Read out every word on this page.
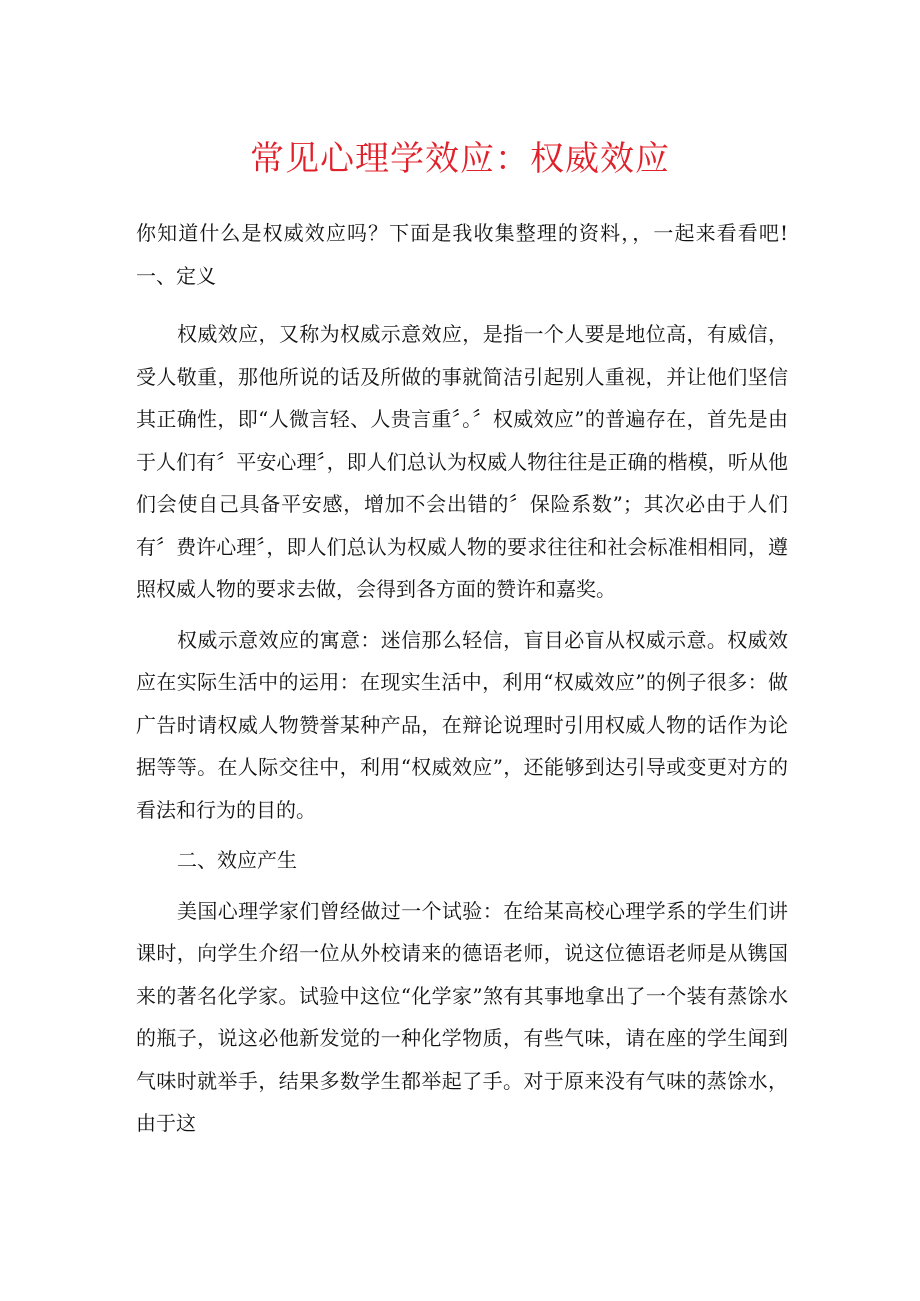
常见心理学效应：权威效应

你知道什么是权威效应吗？下面是我收集整理的资料，，一起来看看吧!一、定义

权威效应，又称为权威示意效应，是指一个人要是地位高，有威信，受人敬重，那他所说的话及所做的事就简洁引起别人重视，并让他们坚信其正确性，即“人微言轻、人贵言重〞。〞权威效应”的普遍存在，首先是由于人们有〞平安心理〞，即人们总认为权威人物往往是正确的楷模，听从他们会使自己具备平安感，增加不会出错的〞保险系数”；其次必由于人们有〞费许心理〞，即人们总认为权威人物的要求往往和社会标准相相同，遵照权威人物的要求去做，会得到各方面的赞许和嘉奖。

权威示意效应的寓意：迷信那么轻信，盲目必盲从权威示意。权威效应在实际生活中的运用：在现实生活中，利用“权威效应”的例子很多：做广告时请权威人物赞誉某种产品，在辩论说理时引用权威人物的话作为论据等等。在人际交往中，利用“权威效应”，还能够到达引导或变更对方的看法和行为的目的。

二、效应产生

美国心理学家们曾经做过一个试验：在给某高校心理学系的学生们讲课时，向学生介绍一位从外校请来的德语老师，说这位德语老师是从镌国来的著名化学家。试验中这位“化学家”煞有其事地拿出了一个装有蒸馀水的瓶子，说这必他新发觉的一种化学物质，有些气味，请在座的学生闻到气味时就举手，结果多数学生都举起了手。对于原来没有气味的蒸馀水，由于这
